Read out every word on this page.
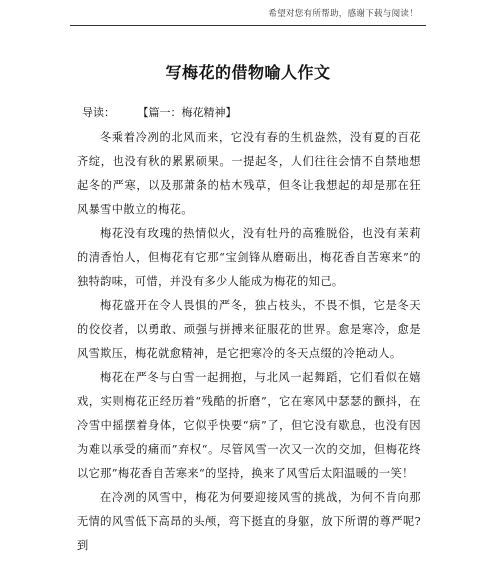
希望对您有所帮助，感谢下载与阅读！
写梅花的借物喻人作文
导读：	【篇一：梅花精神】

冬乘着冷冽的北风而来，它没有春的生机盎然，没有夏的百花齐绽，也没有秋的累累硕果。一提起冬，人们往往会情不自禁地想起冬的严寒，以及那萧条的枯木残草，但冬让我想起的却是那在狂风暴雪中散立的梅花。

梅花没有玫瑰的热情似火，没有牡丹的高雅脱俗，也没有茉莉的清香怡人，但梅花有它那“宝剑锋从磨砺出，梅花香自苦寒来”的独特韵味，可惜，并没有多少人能成为梅花的知己。

梅花盛开在令人畏惧的严冬，独占枝头，不畏不惧，它是冬天的佼佼者，以勇敢、顽强与拼搏来征服花的世界。愈是寒冷，愈是风雪欺压，梅花就愈精神，是它把寒冷的冬天点缀的冷艳动人。

梅花在严冬与白雪一起拥抱，与北风一起舞蹈，它们看似在嬉戏，实则梅花正经历着“残酷的折磨”，它在寒风中瑟瑟的颤抖，在冷雪中摇摆着身体，它似乎快要“病”了，但它没有歇息，也没有因为难以承受的痛而”弃权“。尽管风雪一次又一次的交加，但梅花终以它那”梅花香自苦寒来“的坚持，换来了风雪后太阳温暖的一笑！

在冷冽的风雪中，梅花为何要迎接风雪的挑战，为何不肯向那无情的风雪低下高昂的头颅，弯下挺直的身躯，放下所谓的尊严呢?到
